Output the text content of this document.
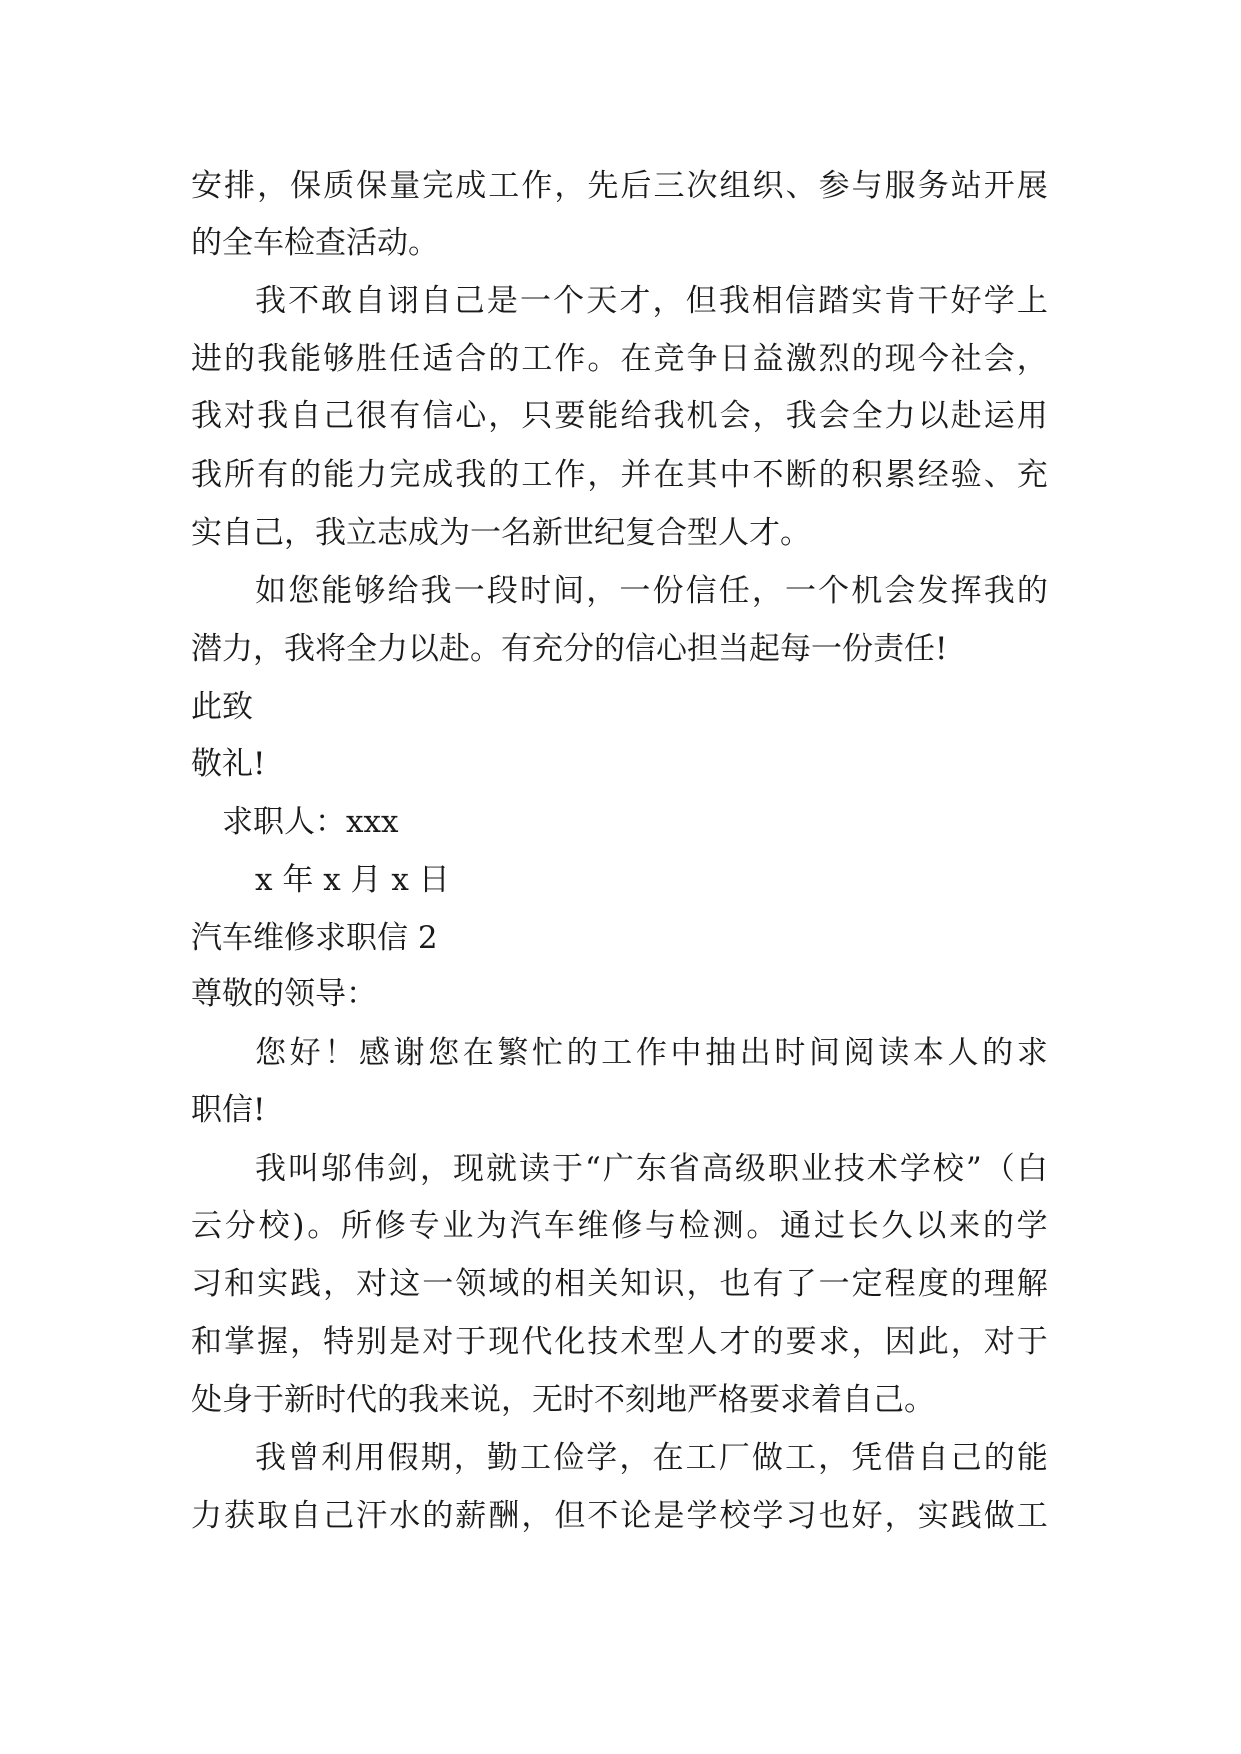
安 排 ， 保 质 保 量 完 成 工 作 ， 先 后 三 次 组 织 、 参 与 服 务 站 开 展
的全车检查活动。
我 不 敢 自 诩 自 己 是 一 个 天 才 ， 但 我 相 信 踏 实 肯 干 好 学 上
进 的 我 能 够 胜 任 适 合 的 工 作 。 在 竞 争 日 益 激 烈 的 现 今 社 会 ，
我 对 我 自 己 很 有 信 心 ， 只 要 能 给 我 机 会 ， 我 会 全 力 以 赴 运 用
我 所 有 的 能 力 完 成 我 的 工 作 ， 并 在 其 中 不 断 的 积 累 经 验 、 充
实自己，我立志成为一名新世纪复合型人才。
如 您 能 够 给 我 一 段 时 间 ， 一 份 信 任 ， 一 个 机 会 发 挥 我 的
潜力，我将全力以赴。有充分的信心担当起每一份责任!
此致
敬礼!
求职人：xxx
x 年 x 月 x 日
汽车维修求职信 2
尊敬的领导：
您 好 ！ 感 谢 您 在 繁 忙 的 工 作 中 抽 出 时 间 阅 读 本 人 的 求
职信!
我 叫 邬 伟 剑 ， 现 就 读 于 “ 广 东 省 高 级 职 业 技 术 学 校 ” （ 白
云 分 校 ) 。 所 修 专 业 为 汽 车 维 修 与 检 测 。 通 过 长 久 以 来 的 学
习 和 实 践 ， 对 这 一 领 域 的 相 关 知 识 ， 也 有 了 一 定 程 度 的 理 解
和 掌 握 ， 特 别 是 对 于 现 代 化 技 术 型 人 才 的 要 求 ， 因 此 ， 对 于
处身于新时代的我来说，无时不刻地严格要求着自己。
我 曾 利 用 假 期 ， 勤 工 俭 学 ， 在 工 厂 做 工 ， 凭 借 自 己 的 能
力 获 取 自 己 汗 水 的 薪 酬 ， 但 不 论 是 学 校 学 习 也 好 ， 实 践 做 工
